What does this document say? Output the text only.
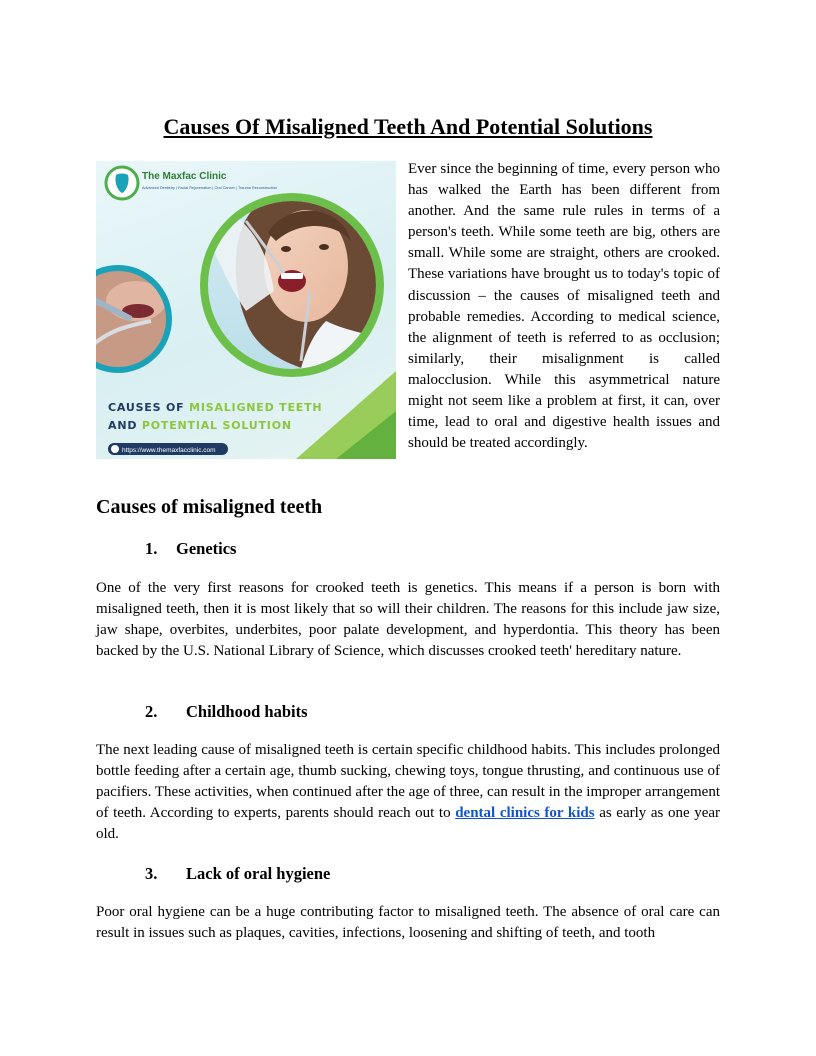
Causes Of Misaligned Teeth And Potential Solutions
The Maxfac Clinic
Advanced Dentistry | Facial Rejuvenation | Oral Cancer | Trauma Reconstruction
CAUSES OF MISALIGNED TEETH
AND POTENTIAL SOLUTION
https://www.themaxfacclinic.com
Ever since the beginning of time, every person who has walked the Earth has been different from another. And the same rule rules in terms of a person's teeth. While some teeth are big, others are small. While some are straight, others are crooked. These variations have brought us to today's topic of discussion – the causes of misaligned teeth and probable remedies. According to medical science, the alignment of teeth is referred to as occlusion; similarly, their misalignment is called malocclusion. While this asymmetrical nature might not seem like a problem at first, it can, over time, lead to oral and digestive health issues and should be treated accordingly.
Causes of misaligned teeth
1. Genetics
One of the very first reasons for crooked teeth is genetics. This means if a person is born with misaligned teeth, then it is most likely that so will their children. The reasons for this include jaw size, jaw shape, overbites, underbites, poor palate development, and hyperdontia. This theory has been backed by the U.S. National Library of Science, which discusses crooked teeth' hereditary nature.
2. Childhood habits
The next leading cause of misaligned teeth is certain specific childhood habits. This includes prolonged bottle feeding after a certain age, thumb sucking, chewing toys, tongue thrusting, and continuous use of pacifiers. These activities, when continued after the age of three, can result in the improper arrangement of teeth. According to experts, parents should reach out to dental clinics for kids as early as one year old.
3. Lack of oral hygiene
Poor oral hygiene can be a huge contributing factor to misaligned teeth. The absence of oral care can result in issues such as plaques, cavities, infections, loosening and shifting of teeth, and tooth
